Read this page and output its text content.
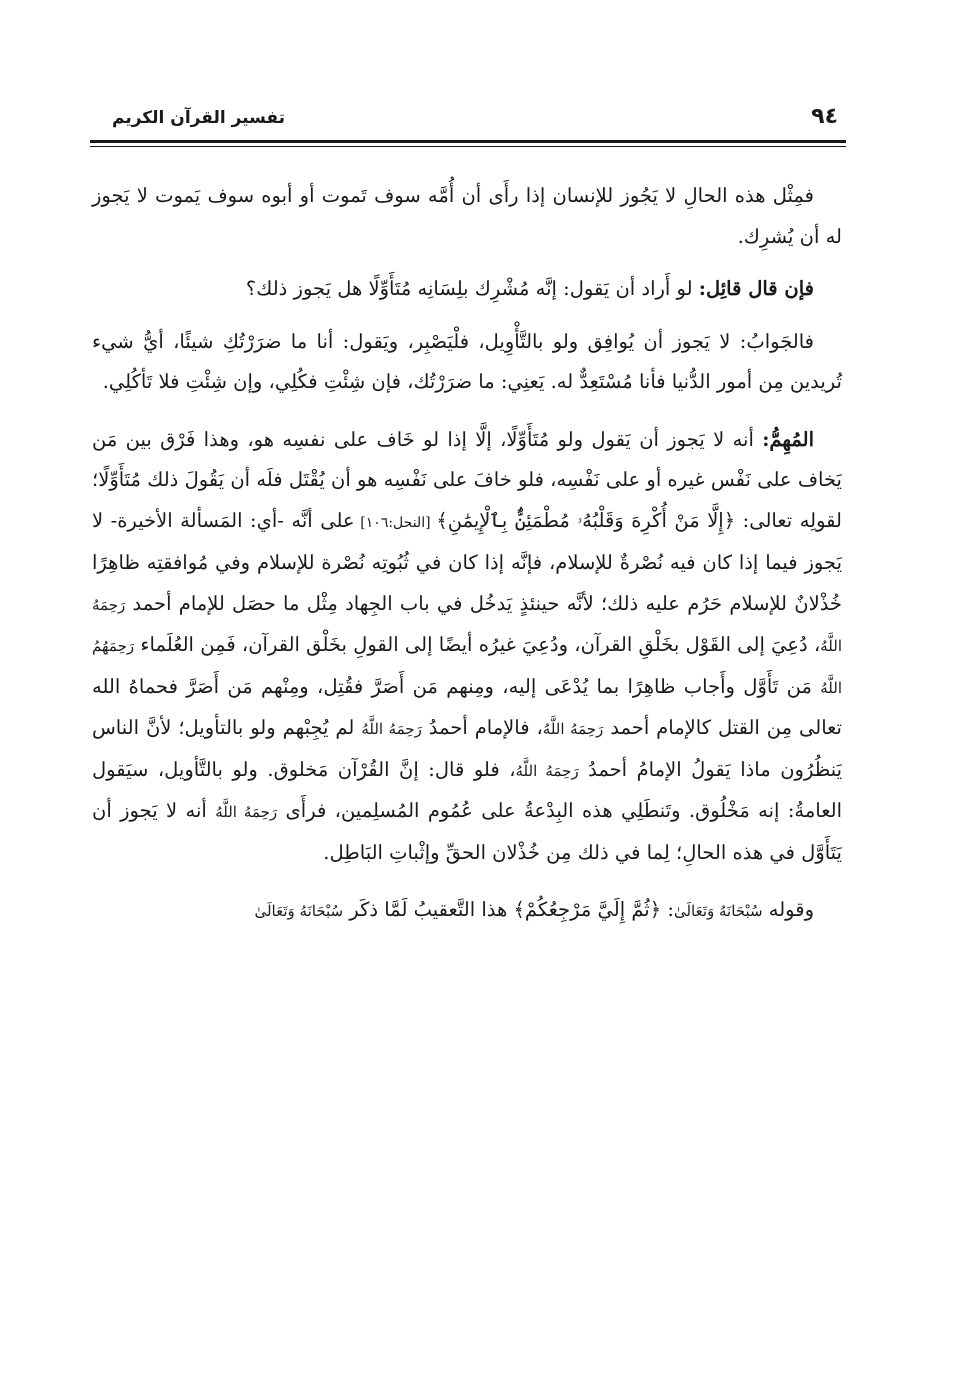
٩٤
تفسير القرآن الكريم

فمِثْل هذه الحالِ لا يَجُوز للإنسان إذا رأَى أن أُمَّه سوف تَموت أو أبوه سوف يَموت لا يَجوز له أن يُشرِك.

فإن قال قائِل: لو أَراد أن يَقول: إنَّه مُشْرِك بلِسَانِه مُتَأَوِّلًا هل يَجوز ذلك؟

فالجَوابُ: لا يَجوز أن يُوافِق ولو بالتَّأْوِيل، فلْيَصْبِر، ويَقول: أنا ما ضرَرْتُكِ شيئًا، أيُّ شيء تُريدين مِن أمور الدُّنيا فأنا مُسْتَعِدٌّ له. يَعنِي: ما ضرَرْتُك، فإن شِئْتِ فكُلِي، وإن شِئْتِ فلا تَأكُلِي.

المُهِمُّ: أنه لا يَجوز أن يَقول ولو مُتَأَوِّلًا، إلَّا إذا لو خَاف على نفسِه هو، وهذا فَرْق بين مَن يَخاف على نَفْس غيره أو على نَفْسِه، فلو خافَ على نَفْسِه هو أن يُقْتَل فلَه أن يَقُولَ ذلك مُتَأَوِّلًا؛ لقولِه تعالى: ﴿إِلَّا مَنْ أُكْرِهَ وَقَلْبُهُۥ مُطْمَئِنٌّۢ بِٱلْإِيمَٰنِ﴾ [النحل:١٠٦] على أنَّه -أي: المَسألة الأخيرة- لا يَجوز فيما إذا كان فيه نُصْرةٌ للإسلام، فإنَّه إذا كان في ثُبُوتِه نُصْرة للإسلام وفي مُوافقتِه ظاهِرًا خُذْلانٌ للإسلام حَرُم عليه ذلك؛ لأنَّه حينئذٍ يَدخُل في باب الجِهاد مِثْل ما حصَل للإمام أحمد رَحِمَهُ اللَّهُ، دُعِيَ إلى القَوْل بخَلْقِ القرآن، ودُعِيَ غيرُه أيضًا إلى القولِ بخَلْق القرآن، فَمِن العُلَماء رَحِمَهُمُ اللَّهُ مَن تَأَوَّل وأَجاب ظاهِرًا بما يُدْعَى إليه، ومِنهم مَن أَصَرَّ فقُتِل، ومِنْهم مَن أَصَرَّ فحماهُ الله تعالى مِن القتل كالإمام أحمد رَحِمَهُ اللَّهُ، فالإمام أحمدُ رَحِمَهُ اللَّهُ لم يُجِبْهم ولو بالتأويل؛ لأنَّ الناس يَنظُرُون ماذا يَقولُ الإمامُ أحمدُ رَحِمَهُ اللَّهُ، فلو قال: إنَّ القُرْآن مَخلوق. ولو بالتَّأويل، سيَقول العامةُ: إنه مَخْلُوق. وتَنطَلِي هذه البِدْعةُ على عُمُوم المُسلِمين، فرأَى رَحِمَهُ اللَّهُ أنه لا يَجوز أن يَتَأَوَّل في هذه الحالِ؛ لِما في ذلك مِن خُذْلان الحقِّ وإثْباتِ البَاطِل.

وقوله سُبْحَانَهُ وَتَعَالَىٰ: ﴿ثُمَّ إِلَيَّ مَرْجِعُكُمْ﴾ هذا التَّعقيبُ لَمَّا ذكَر سُبْحَانَهُ وَتَعَالَىٰ
